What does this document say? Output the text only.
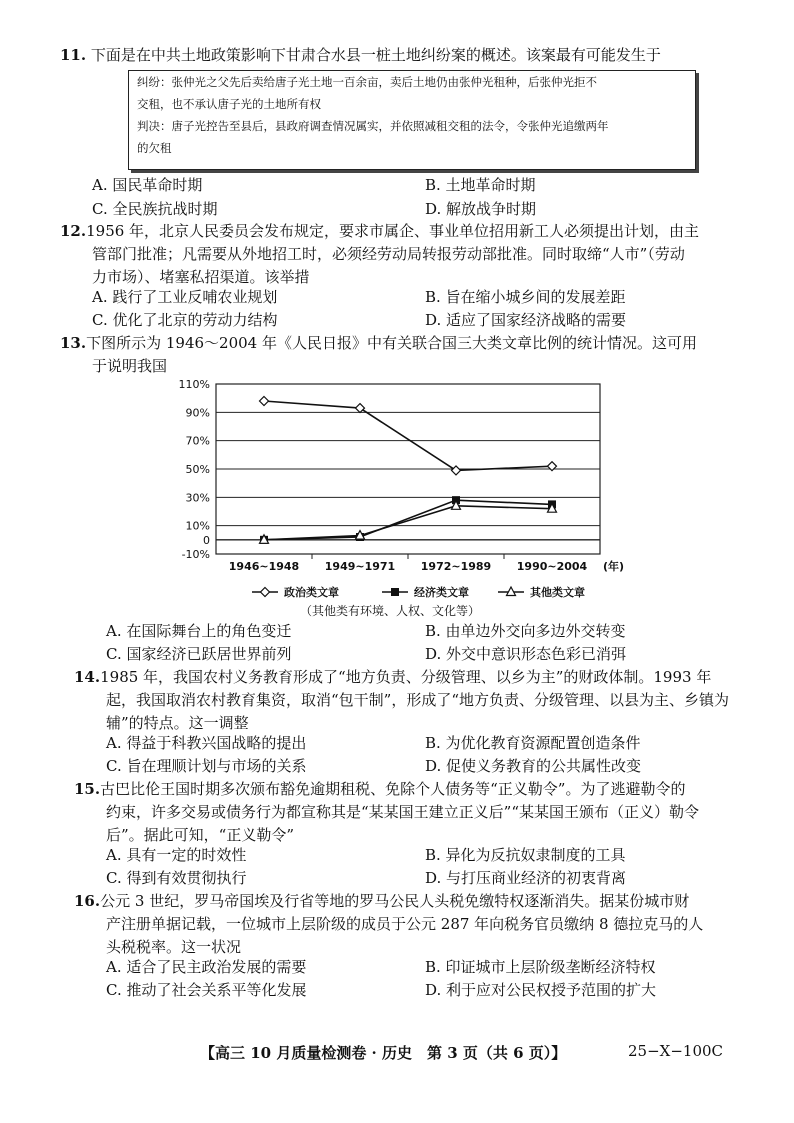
11. 下面是在中共土地政策影响下甘肃合水县一桩土地纠纷案的概述。该案最有可能发生于

纠纷：张仲光之父先后卖给唐子光土地一百余亩，卖后土地仍由张仲光租种，后张仲光拒不

交租，也不承认唐子光的土地所有权

判决：唐子光控告至县后，县政府调查情况属实，并依照减租交租的法令，令张仲光追缴两年

的欠租

A. 国民革命时期	B. 土地革命时期
C. 全民族抗战时期	D. 解放战争时期
12.1956 年，北京人民委员会发布规定，要求市属企、事业单位招用新工人必须提出计划，由主
管部门批准；凡需要从外地招工时，必须经劳动局转报劳动部批准。同时取缔“人市”（劳动
力市场）、堵塞私招渠道。该举措
A. 践行了工业反哺农业规划	B. 旨在缩小城乡间的发展差距
C. 优化了北京的劳动力结构	D. 适应了国家经济战略的需要
13.下图所示为 1946～2004 年《人民日报》中有关联合国三大类文章比例的统计情况。这可用
于说明我国
-10%
0
10%
30%
50%
70%
90%
110%
1946~1948 1949~1971 1972~1989 1990~2004 (年)
政治类文章	经济类文章	其他类文章
（其他类有环境、人权、文化等）
A. 在国际舞台上的角色变迁	B. 由单边外交向多边外交转变
C. 国家经济已跃居世界前列	D. 外交中意识形态色彩已消弭
14.1985 年，我国农村义务教育形成了“地方负责、分级管理、以乡为主”的财政体制。1993 年
起，我国取消农村教育集资，取消“包干制”，形成了“地方负责、分级管理、以县为主、乡镇为
辅”的特点。这一调整
A. 得益于科教兴国战略的提出	B. 为优化教育资源配置创造条件
C. 旨在理顺计划与市场的关系	D. 促使义务教育的公共属性改变
15.古巴比伦王国时期多次颁布豁免逾期租税、免除个人债务等“正义勒令”。为了逃避勒令的
约束，许多交易或债务行为都宣称其是“某某国王建立正义后”“某某国王颁布（正义）勒令
后”。据此可知，“正义勒令”
A. 具有一定的时效性	B. 异化为反抗奴隶制度的工具
C. 得到有效贯彻执行	D. 与打压商业经济的初衷背离
16.公元 3 世纪，罗马帝国埃及行省等地的罗马公民人头税免缴特权逐渐消失。据某份城市财
产注册单据记载，一位城市上层阶级的成员于公元 287 年向税务官员缴纳 8 德拉克马的人
头税税率。这一状况
A. 适合了民主政治发展的需要	B. 印证城市上层阶级垄断经济特权
C. 推动了社会关系平等化发展	D. 利于应对公民权授予范围的扩大
【高三 10 月质量检测卷 · 历史　第 3 页（共 6 页）】	25−X−100C
